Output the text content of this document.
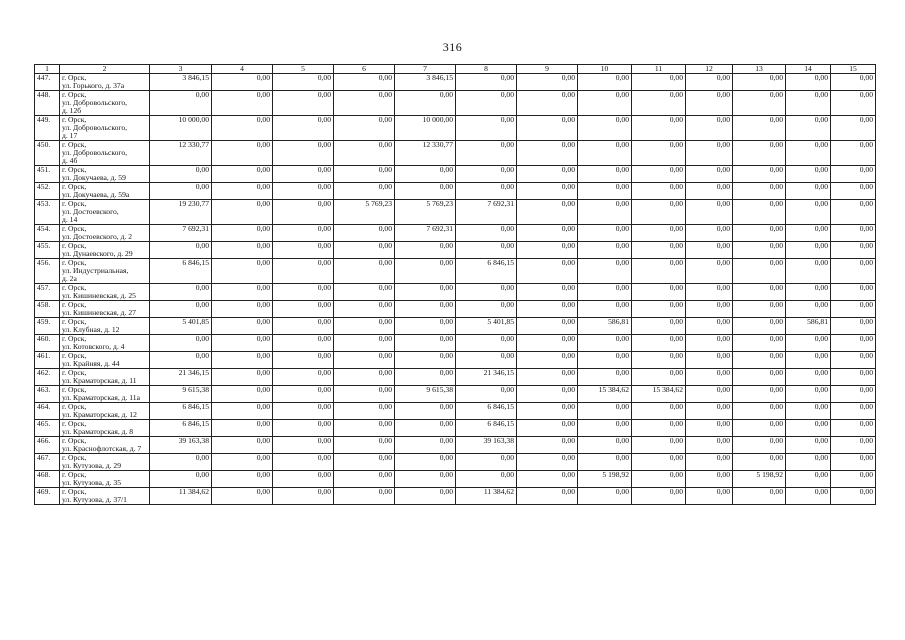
316
1	2	3	4	5	6	7	8	9	10	11	12	13	14	15
447.	г. Орск,
ул. Горького, д. 37а	3 846,15	0,00	0,00	0,00	3 846,15	0,00	0,00	0,00	0,00	0,00	0,00	0,00	0,00
448.	г. Орск,
ул. Добровольского,
д. 12б	0,00	0,00	0,00	0,00	0,00	0,00	0,00	0,00	0,00	0,00	0,00	0,00	0,00
449.	г. Орск,
ул. Добровольского,
д. 17	10 000,00	0,00	0,00	0,00	10 000,00	0,00	0,00	0,00	0,00	0,00	0,00	0,00	0,00
450.	г. Орск,
ул. Добровольского,
д. 4б	12 330,77	0,00	0,00	0,00	12 330,77	0,00	0,00	0,00	0,00	0,00	0,00	0,00	0,00
451.	г. Орск,
ул. Докучаева, д. 59	0,00	0,00	0,00	0,00	0,00	0,00	0,00	0,00	0,00	0,00	0,00	0,00	0,00
452.	г. Орск,
ул. Докучаева, д. 59а	0,00	0,00	0,00	0,00	0,00	0,00	0,00	0,00	0,00	0,00	0,00	0,00	0,00
453.	г. Орск,
ул. Достоевского,
д. 14	19 230,77	0,00	0,00	5 769,23	5 769,23	7 692,31	0,00	0,00	0,00	0,00	0,00	0,00	0,00
454.	г. Орск,
ул. Достоевского, д. 2	7 692,31	0,00	0,00	0,00	7 692,31	0,00	0,00	0,00	0,00	0,00	0,00	0,00	0,00
455.	г. Орск,
ул. Дунаевского, д. 29	0,00	0,00	0,00	0,00	0,00	0,00	0,00	0,00	0,00	0,00	0,00	0,00	0,00
456.	г. Орск,
ул. Индустриальная,
д. 2а	6 846,15	0,00	0,00	0,00	0,00	6 846,15	0,00	0,00	0,00	0,00	0,00	0,00	0,00
457.	г. Орск,
ул. Кишиневская, д. 25	0,00	0,00	0,00	0,00	0,00	0,00	0,00	0,00	0,00	0,00	0,00	0,00	0,00
458.	г. Орск,
ул. Кишиневская, д. 27	0,00	0,00	0,00	0,00	0,00	0,00	0,00	0,00	0,00	0,00	0,00	0,00	0,00
459.	г. Орск,
ул. Клубная, д. 12	5 401,85	0,00	0,00	0,00	0,00	5 401,85	0,00	586,81	0,00	0,00	0,00	586,81	0,00
460.	г. Орск,
ул. Котовского, д. 4	0,00	0,00	0,00	0,00	0,00	0,00	0,00	0,00	0,00	0,00	0,00	0,00	0,00
461.	г. Орск,
ул. Крайняя, д. 44	0,00	0,00	0,00	0,00	0,00	0,00	0,00	0,00	0,00	0,00	0,00	0,00	0,00
462.	г. Орск,
ул. Краматорская, д. 11	21 346,15	0,00	0,00	0,00	0,00	21 346,15	0,00	0,00	0,00	0,00	0,00	0,00	0,00
463.	г. Орск,
ул. Краматорская, д. 11а	9 615,38	0,00	0,00	0,00	9 615,38	0,00	0,00	15 384,62	15 384,62	0,00	0,00	0,00	0,00
464.	г. Орск,
ул. Краматорская, д. 12	6 846,15	0,00	0,00	0,00	0,00	6 846,15	0,00	0,00	0,00	0,00	0,00	0,00	0,00
465.	г. Орск,
ул. Краматорская, д. 8	6 846,15	0,00	0,00	0,00	0,00	6 846,15	0,00	0,00	0,00	0,00	0,00	0,00	0,00
466.	г. Орск,
ул. Краснофлотская, д. 7	39 163,38	0,00	0,00	0,00	0,00	39 163,38	0,00	0,00	0,00	0,00	0,00	0,00	0,00
467.	г. Орск,
ул. Кутузова, д. 29	0,00	0,00	0,00	0,00	0,00	0,00	0,00	0,00	0,00	0,00	0,00	0,00	0,00
468.	г. Орск,
ул. Кутузова, д. 35	0,00	0,00	0,00	0,00	0,00	0,00	0,00	5 198,92	0,00	0,00	5 198,92	0,00	0,00
469.	г. Орск,
ул. Кутузова, д. 37/1	11 384,62	0,00	0,00	0,00	0,00	11 384,62	0,00	0,00	0,00	0,00	0,00	0,00	0,00
